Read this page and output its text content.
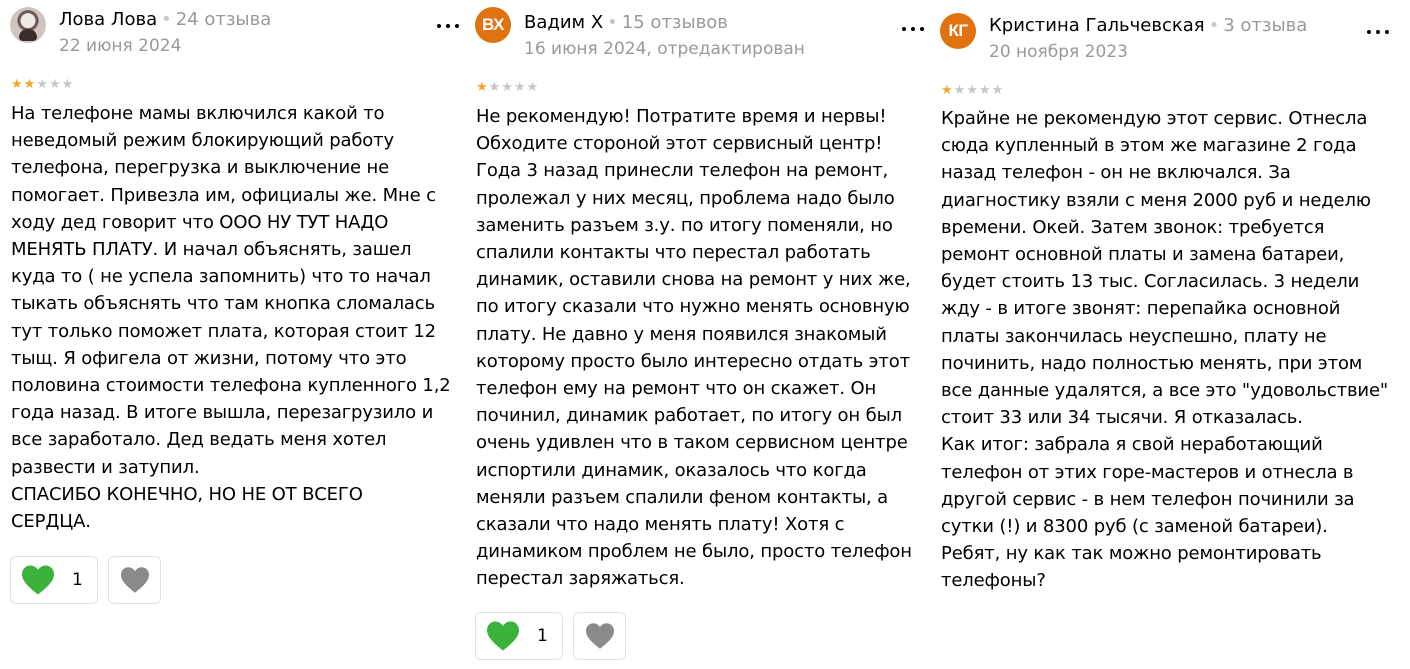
Лова Лова • 24 отзыва
22 июня 2024
★ ★ ★ ★ ★
На телефоне мамы включился какой то
неведомый режим блокирующий работу
телефона, перегрузка и выключение не
помогает. Привезла им, официалы же. Мне с
ходу дед говорит что ООО НУ ТУТ НАДО
МЕНЯТЬ ПЛАТУ. И начал объяснять, зашел
куда то ( не успела запомнить) что то начал
тыкать объяснять что там кнопка сломалась
тут только поможет плата, которая стоит 12
тыщ. Я офигела от жизни, потому что это
половина стоимости телефона купленного 1,2
года назад. В итоге вышла, перезагрузило и
все заработало. Дед ведать меня хотел
развести и затупил.
СПАСИБО КОНЕЧНО, НО НЕ ОТ ВСЕГО
СЕРДЦА.
1
ВХ Вадим Х • 15 отзывов
16 июня 2024, отредактирован
★ ★ ★ ★ ★
Не рекомендую! Потратите время и нервы!
Обходите стороной этот сервисный центр!
Года 3 назад принесли телефон на ремонт,
пролежал у них месяц, проблема надо было
заменить разъем з.у. по итогу поменяли, но
спалили контакты что перестал работать
динамик, оставили снова на ремонт у них же,
по итогу сказали что нужно менять основную
плату. Не давно у меня появился знакомый
которому просто было интересно отдать этот
телефон ему на ремонт что он скажет. Он
починил, динамик работает, по итогу он был
очень удивлен что в таком сервисном центре
испортили динамик, оказалось что когда
меняли разъем спалили феном контакты, а
сказали что надо менять плату! Хотя с
динамиком проблем не было, просто телефон
перестал заряжаться.
1
КГ Кристина Гальчевская • 3 отзыва
20 ноября 2023
★ ★ ★ ★ ★
Крайне не рекомендую этот сервис. Отнесла
сюда купленный в этом же магазине 2 года
назад телефон - он не включался. За
диагностику взяли с меня 2000 руб и неделю
времени. Окей. Затем звонок: требуется
ремонт основной платы и замена батареи,
будет стоить 13 тыс. Согласилась. 3 недели
жду - в итоге звонят: перепайка основной
платы закончилась неуспешно, плату не
починить, надо полностью менять, при этом
все данные удалятся, а все это "удовольствие"
стоит 33 или 34 тысячи. Я отказалась.
Как итог: забрала я свой неработающий
телефон от этих горе-мастеров и отнесла в
другой сервис - в нем телефон починили за
сутки (!) и 8300 руб (с заменой батареи).
Ребят, ну как так можно ремонтировать
телефоны?
